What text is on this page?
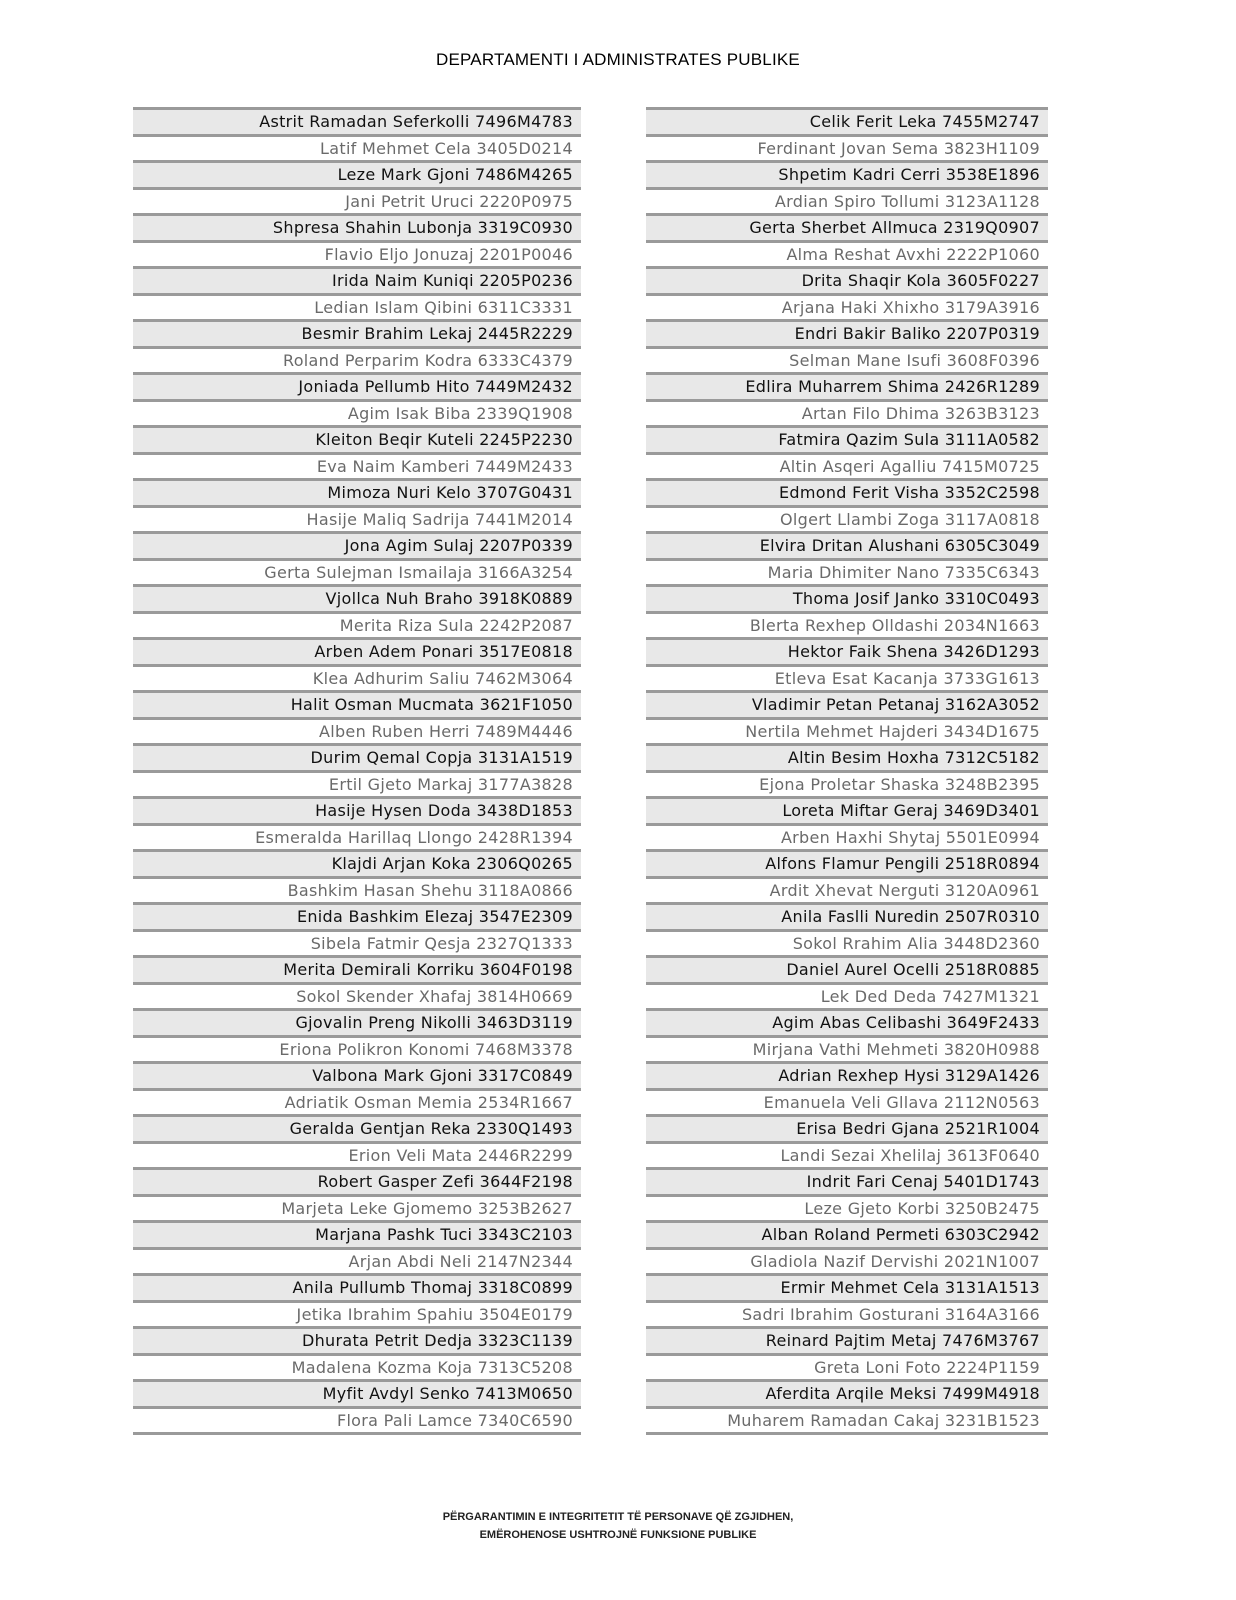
DEPARTAMENTI I ADMINISTRATES PUBLIKE
Astrit Ramadan Seferkolli 7496M4783
Latif Mehmet Cela 3405D0214
Leze Mark Gjoni 7486M4265
Jani Petrit Uruci 2220P0975
Shpresa Shahin Lubonja 3319C0930
Flavio Eljo Jonuzaj 2201P0046
Irida Naim Kuniqi 2205P0236
Ledian Islam Qibini 6311C3331
Besmir Brahim Lekaj 2445R2229
Roland Perparim Kodra 6333C4379
Joniada Pellumb Hito 7449M2432
Agim Isak Biba 2339Q1908
Kleiton Beqir Kuteli 2245P2230
Eva Naim Kamberi 7449M2433
Mimoza Nuri Kelo 3707G0431
Hasije Maliq Sadrija 7441M2014
Jona Agim Sulaj 2207P0339
Gerta Sulejman Ismailaja 3166A3254
Vjollca Nuh Braho 3918K0889
Merita Riza Sula 2242P2087
Arben Adem Ponari 3517E0818
Klea Adhurim Saliu 7462M3064
Halit Osman Mucmata 3621F1050
Alben Ruben Herri 7489M4446
Durim Qemal Copja 3131A1519
Ertil Gjeto Markaj 3177A3828
Hasije Hysen Doda 3438D1853
Esmeralda Harillaq Llongo 2428R1394
Klajdi Arjan Koka 2306Q0265
Bashkim Hasan Shehu 3118A0866
Enida Bashkim Elezaj 3547E2309
Sibela Fatmir Qesja 2327Q1333
Merita Demirali Korriku 3604F0198
Sokol Skender Xhafaj 3814H0669
Gjovalin Preng Nikolli 3463D3119
Eriona Polikron Konomi 7468M3378
Valbona Mark Gjoni 3317C0849
Adriatik Osman Memia 2534R1667
Geralda Gentjan Reka 2330Q1493
Erion Veli Mata 2446R2299
Robert Gasper Zefi 3644F2198
Marjeta Leke Gjomemo 3253B2627
Marjana Pashk Tuci 3343C2103
Arjan Abdi Neli 2147N2344
Anila Pullumb Thomaj 3318C0899
Jetika Ibrahim Spahiu 3504E0179
Dhurata Petrit Dedja 3323C1139
Madalena Kozma Koja 7313C5208
Myfit Avdyl Senko 7413M0650
Flora Pali Lamce 7340C6590
Celik Ferit Leka 7455M2747
Ferdinant Jovan Sema 3823H1109
Shpetim Kadri Cerri 3538E1896
Ardian Spiro Tollumi 3123A1128
Gerta Sherbet Allmuca 2319Q0907
Alma Reshat Avxhi 2222P1060
Drita Shaqir Kola 3605F0227
Arjana Haki Xhixho 3179A3916
Endri Bakir Baliko 2207P0319
Selman Mane Isufi 3608F0396
Edlira Muharrem Shima 2426R1289
Artan Filo Dhima 3263B3123
Fatmira Qazim Sula 3111A0582
Altin Asqeri Agalliu 7415M0725
Edmond Ferit Visha 3352C2598
Olgert Llambi Zoga 3117A0818
Elvira Dritan Alushani 6305C3049
Maria Dhimiter Nano 7335C6343
Thoma Josif Janko 3310C0493
Blerta Rexhep Olldashi 2034N1663
Hektor Faik Shena 3426D1293
Etleva Esat Kacanja 3733G1613
Vladimir Petan Petanaj 3162A3052
Nertila Mehmet Hajderi 3434D1675
Altin Besim Hoxha 7312C5182
Ejona Proletar Shaska 3248B2395
Loreta Miftar Geraj 3469D3401
Arben Haxhi Shytaj 5501E0994
Alfons Flamur Pengili 2518R0894
Ardit Xhevat Nerguti 3120A0961
Anila Faslli Nuredin 2507R0310
Sokol Rrahim Alia 3448D2360
Daniel Aurel Ocelli 2518R0885
Lek Ded Deda 7427M1321
Agim Abas Celibashi 3649F2433
Mirjana Vathi Mehmeti 3820H0988
Adrian Rexhep Hysi 3129A1426
Emanuela Veli Gllava 2112N0563
Erisa Bedri Gjana 2521R1004
Landi Sezai Xhelilaj 3613F0640
Indrit Fari Cenaj 5401D1743
Leze Gjeto Korbi 3250B2475
Alban Roland Permeti 6303C2942
Gladiola Nazif Dervishi 2021N1007
Ermir Mehmet Cela 3131A1513
Sadri Ibrahim Gosturani 3164A3166
Reinard Pajtim Metaj 7476M3767
Greta Loni Foto 2224P1159
Aferdita Arqile Meksi 7499M4918
Muharem Ramadan Cakaj 3231B1523
PËRGARANTIMIN E INTEGRITETIT TË PERSONAVE QË ZGJIDHEN,
EMËROHENOSE USHTROJNË FUNKSIONE PUBLIKE
